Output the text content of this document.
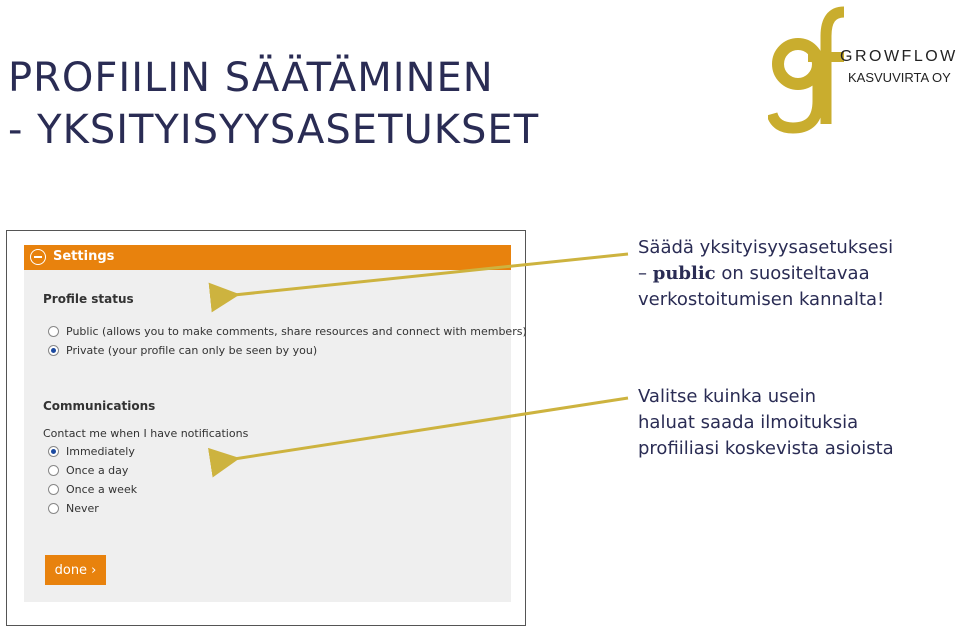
PROFIILIN SÄÄTÄMINEN
- YKSITYISYYSASETUKSET
GROWFLOW
KASVUVIRTA OY
Settings
Profile status
Public (allows you to make comments, share resources and connect with members)
Private (your profile can only be seen by you)
Communications
Contact me when I have notifications
Immediately
Once a day
Once a week
Never
done ›

Säädä yksityisyysasetuksesi

– public on suositeltavaa

verkostoitumisen kannalta!

Valitse kuinka usein

haluat saada ilmoituksia

profiiliasi koskevista asioista
